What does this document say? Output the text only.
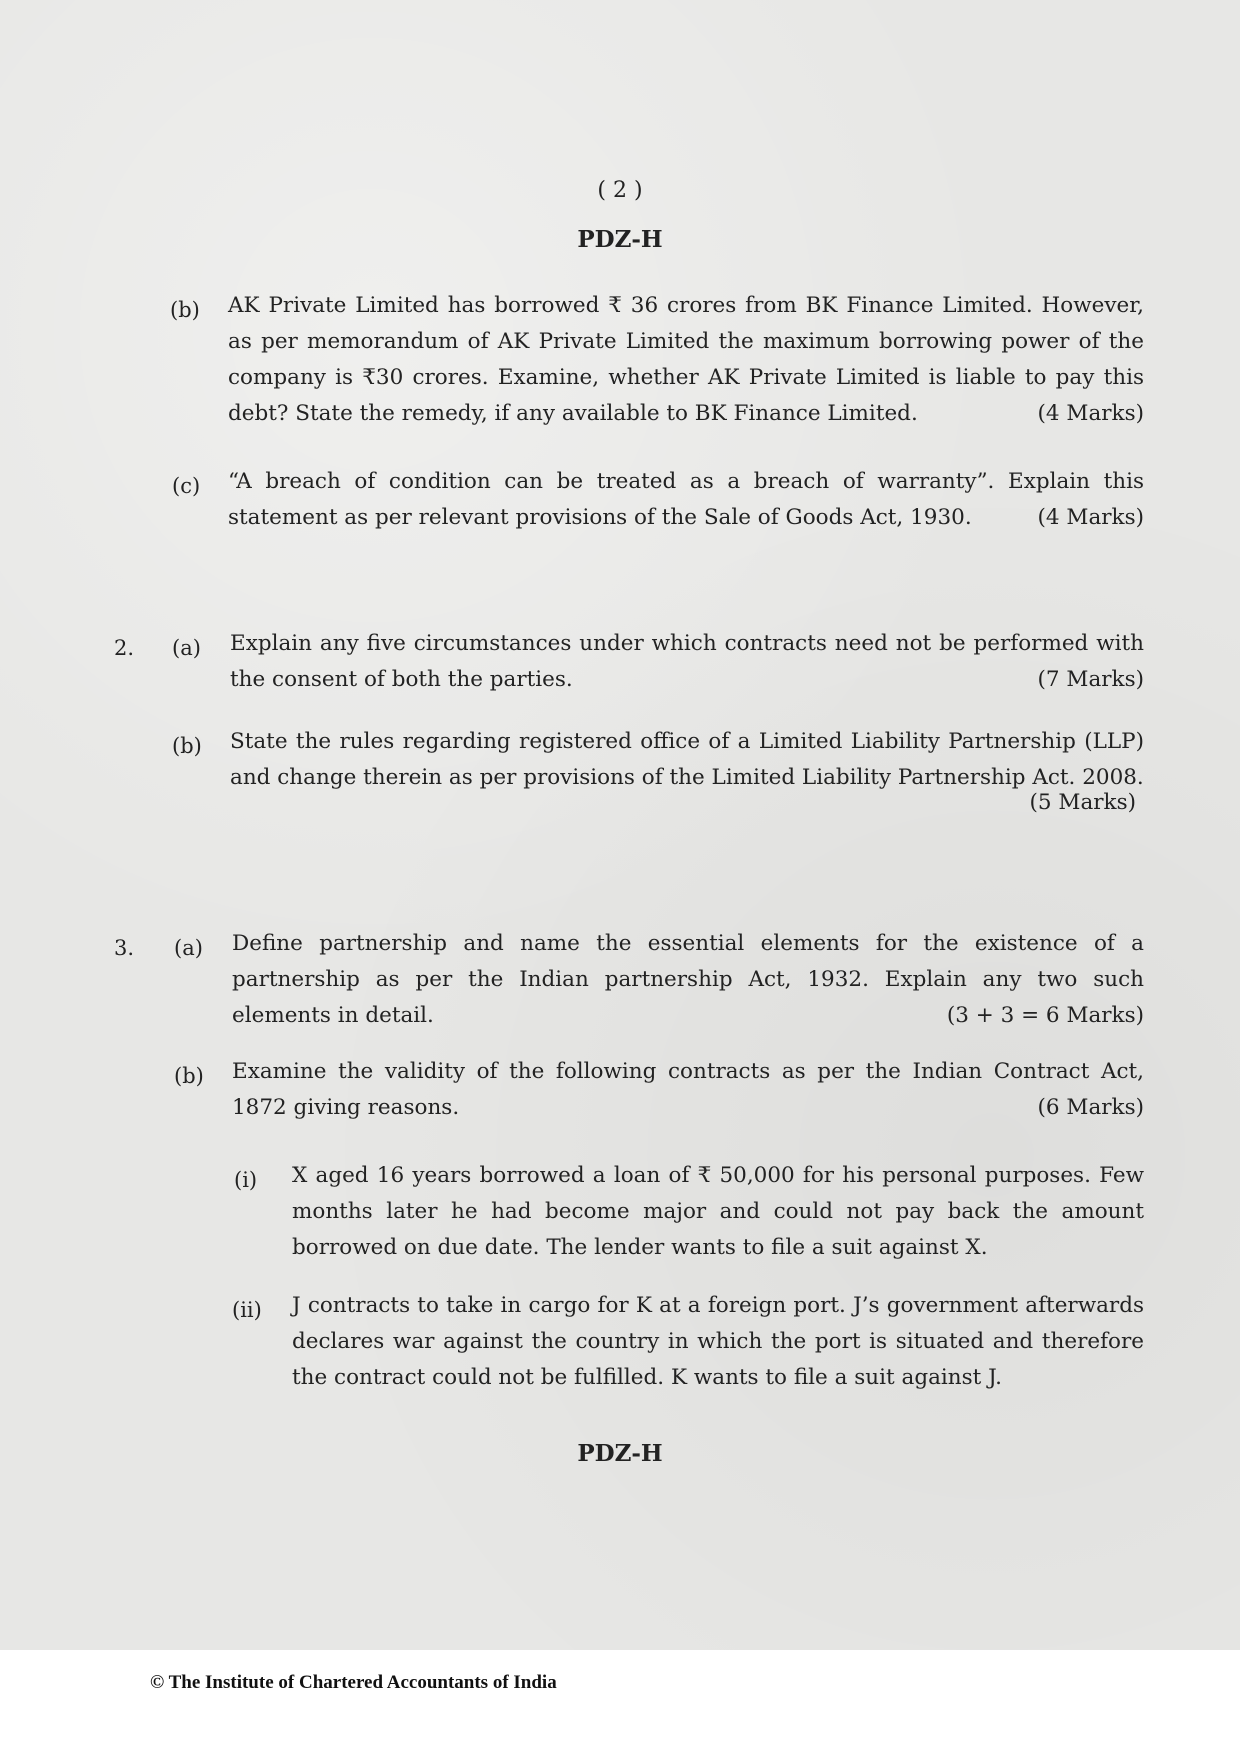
( 2 )
PDZ-H
(b) AK Private Limited has borrowed ₹ 36 crores from BK Finance Limited. However, as per memorandum of AK Private Limited the maximum borrowing power of the company is ₹30 crores. Examine, whether AK Private Limited is liable to pay this debt? State the remedy, if any available to BK Finance Limited.	(4 Marks)
(c) “A breach of condition can be treated as a breach of warranty”. Explain this statement as per relevant provisions of the Sale of Goods Act, 1930.	(4 Marks)
2. (a) Explain any five circumstances under which contracts need not be performed with the consent of both the parties.	(7 Marks)
(b) State the rules regarding registered office of a Limited Liability Partnership (LLP) and change therein as per provisions of the Limited Liability Partnership Act. 2008.
(5 Marks)
3. (a) Define partnership and name the essential elements for the existence of a partnership as per the Indian partnership Act, 1932. Explain any two such elements in detail.	(3 + 3 = 6 Marks)
(b) Examine the validity of the following contracts as per the Indian Contract Act, 1872 giving reasons.	(6 Marks)
(i) X aged 16 years borrowed a loan of ₹ 50,000 for his personal purposes. Few months later he had become major and could not pay back the amount borrowed on due date. The lender wants to file a suit against X.
(ii) J contracts to take in cargo for K at a foreign port. J’s government afterwards declares war against the country in which the port is situated and therefore the contract could not be fulfilled. K wants to file a suit against J.
PDZ-H
© The Institute of Chartered Accountants of India
